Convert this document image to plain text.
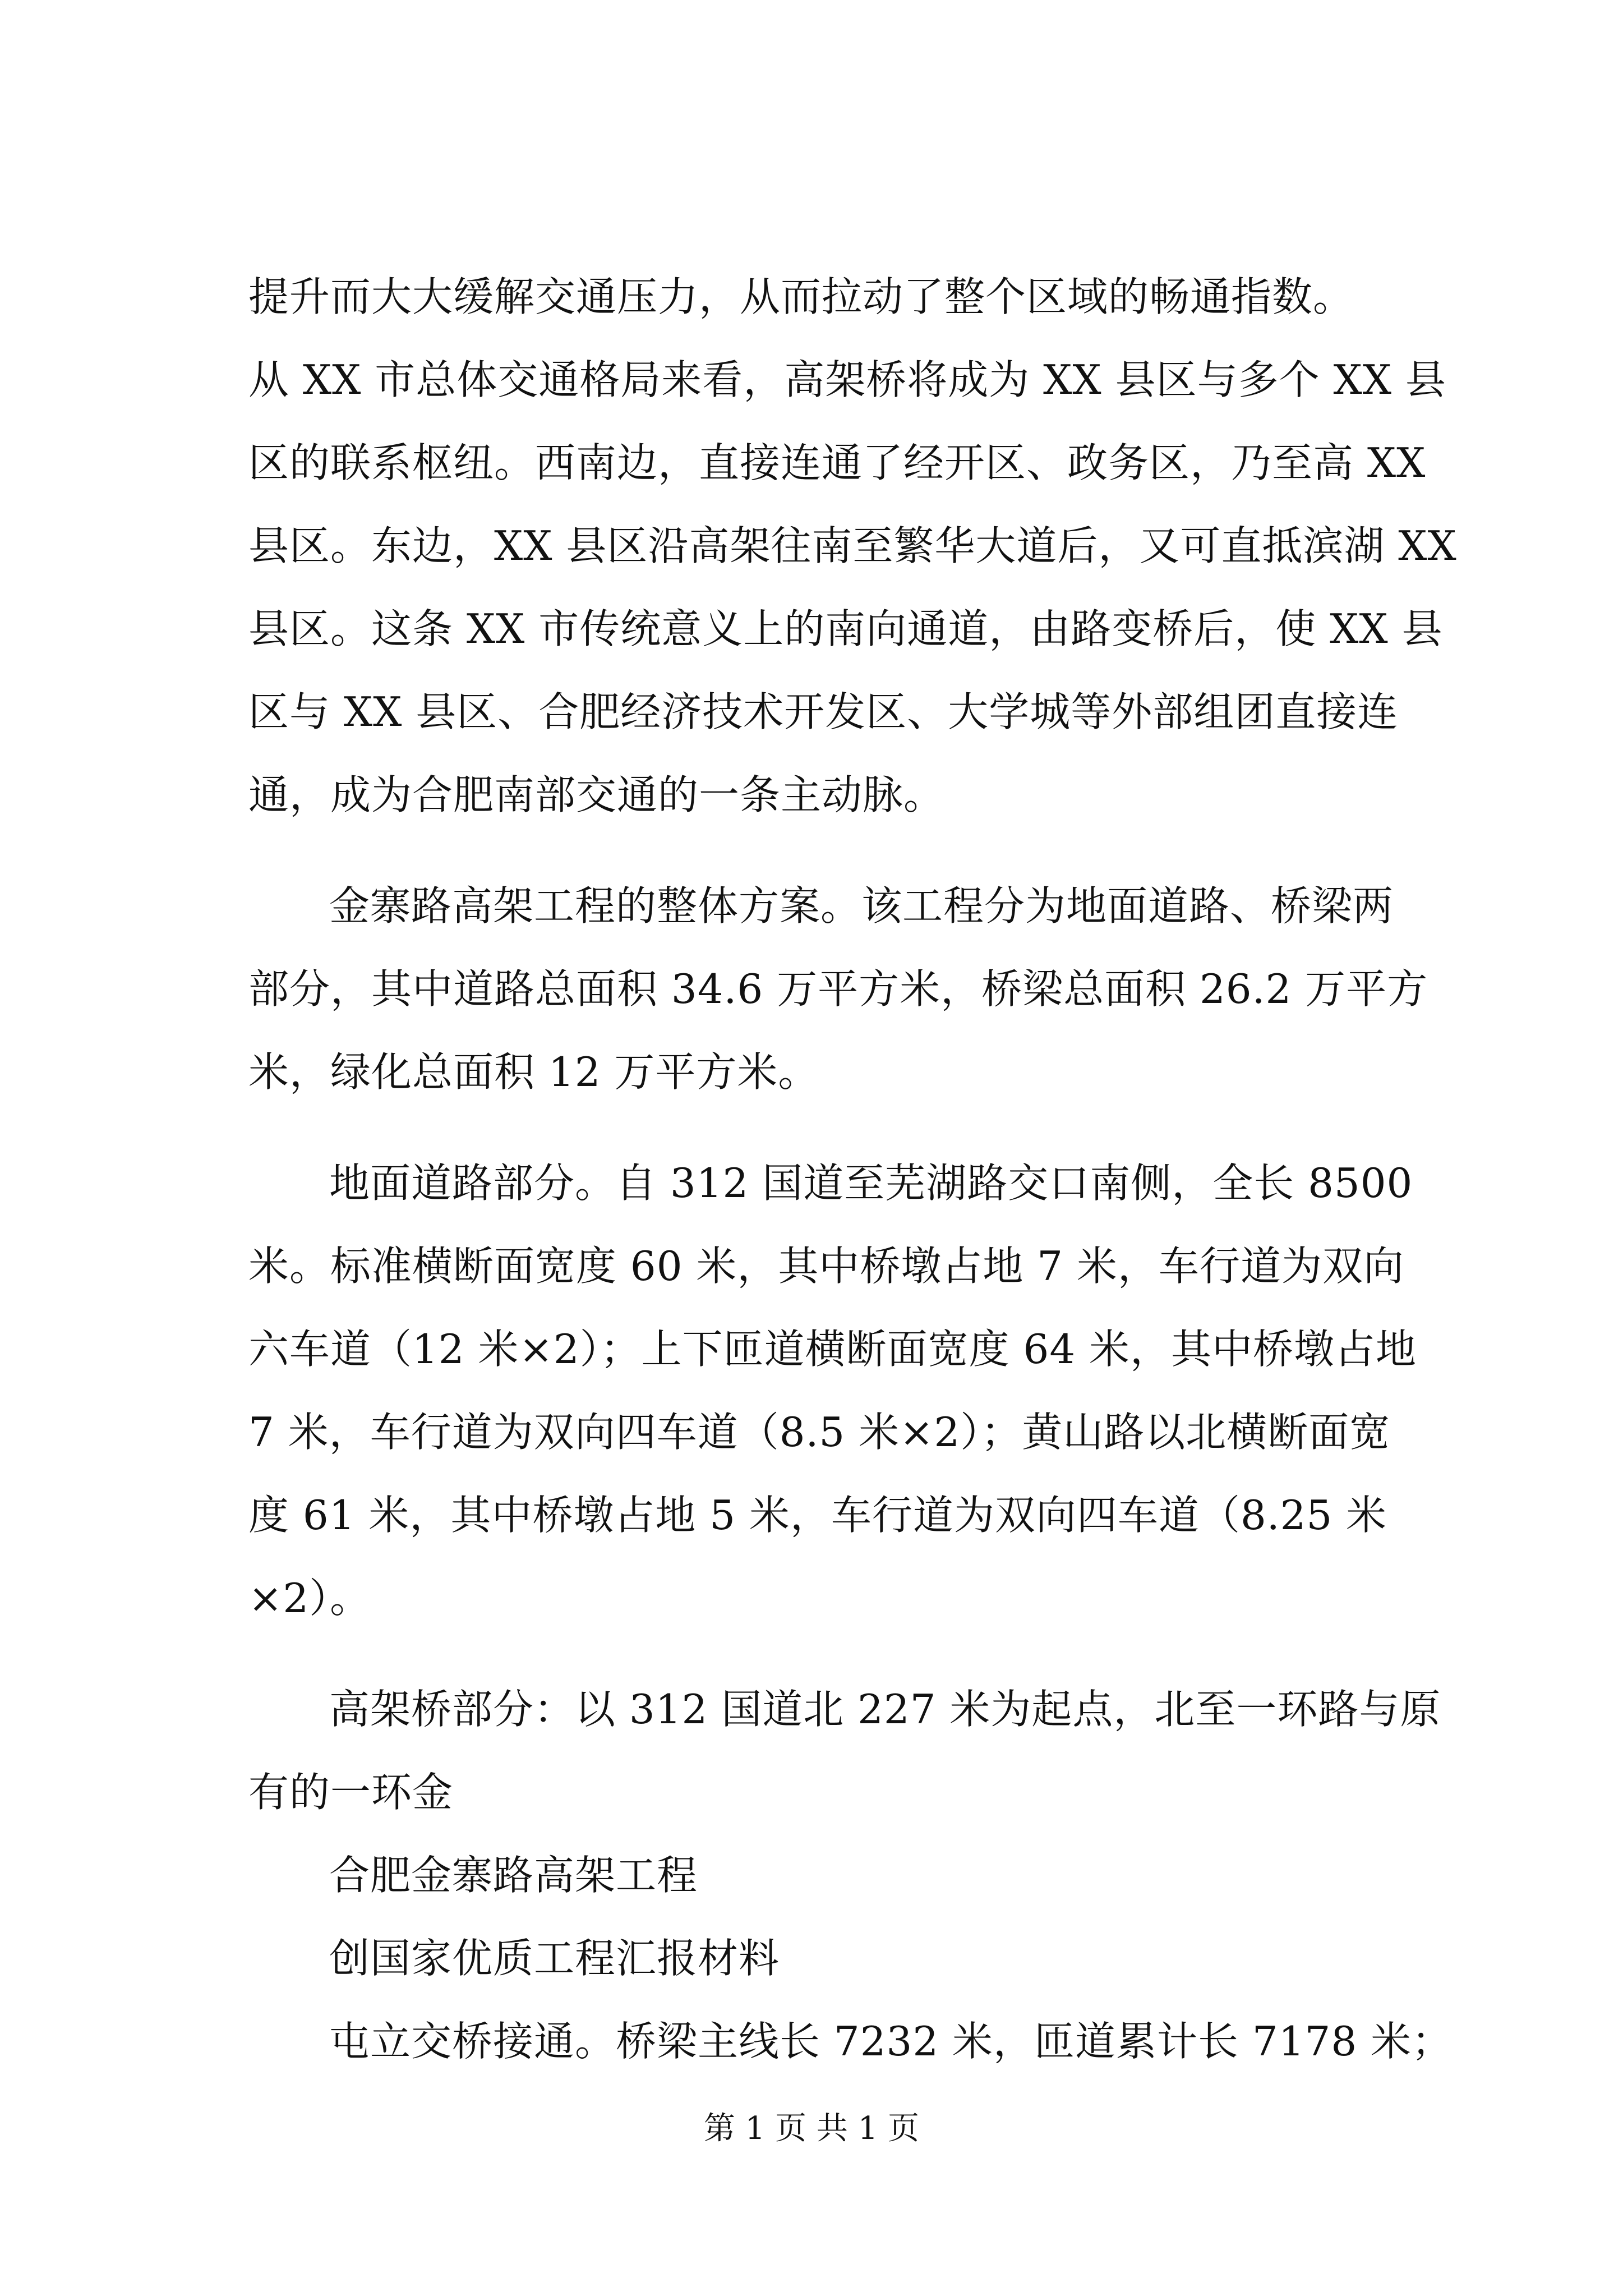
提升而大大缓解交通压力，从而拉动了整个区域的畅通指数。
从 XX 市总体交通格局来看，高架桥将成为 XX 县区与多个 XX 县
区的联系枢纽。西南边，直接连通了经开区、政务区，乃至高 XX
县区。东边，XX 县区沿高架往南至繁华大道后，又可直抵滨湖 XX
县区。这条 XX 市传统意义上的南向通道，由路变桥后，使 XX 县
区与 XX 县区、合肥经济技术开发区、大学城等外部组团直接连
通，成为合肥南部交通的一条主动脉。
金寨路高架工程的整体方案。该工程分为地面道路、桥梁两
部分，其中道路总面积 34.6 万平方米，桥梁总面积 26.2 万平方
米，绿化总面积 12 万平方米。
地面道路部分。自 312 国道至芜湖路交口南侧，全长 8500
米。标准横断面宽度 60 米，其中桥墩占地 7 米，车行道为双向
六车道（12 米×2）；上下匝道横断面宽度 64 米，其中桥墩占地
7 米，车行道为双向四车道（8.5 米×2）；黄山路以北横断面宽
度 61 米，其中桥墩占地 5 米，车行道为双向四车道（8.25 米
×2）。
高架桥部分：以 312 国道北 227 米为起点，北至一环路与原
有的一环金
合肥金寨路高架工程
创国家优质工程汇报材料
屯立交桥接通。桥梁主线长 7232 米，匝道累计长 7178 米；
第 1 页 共 1 页
